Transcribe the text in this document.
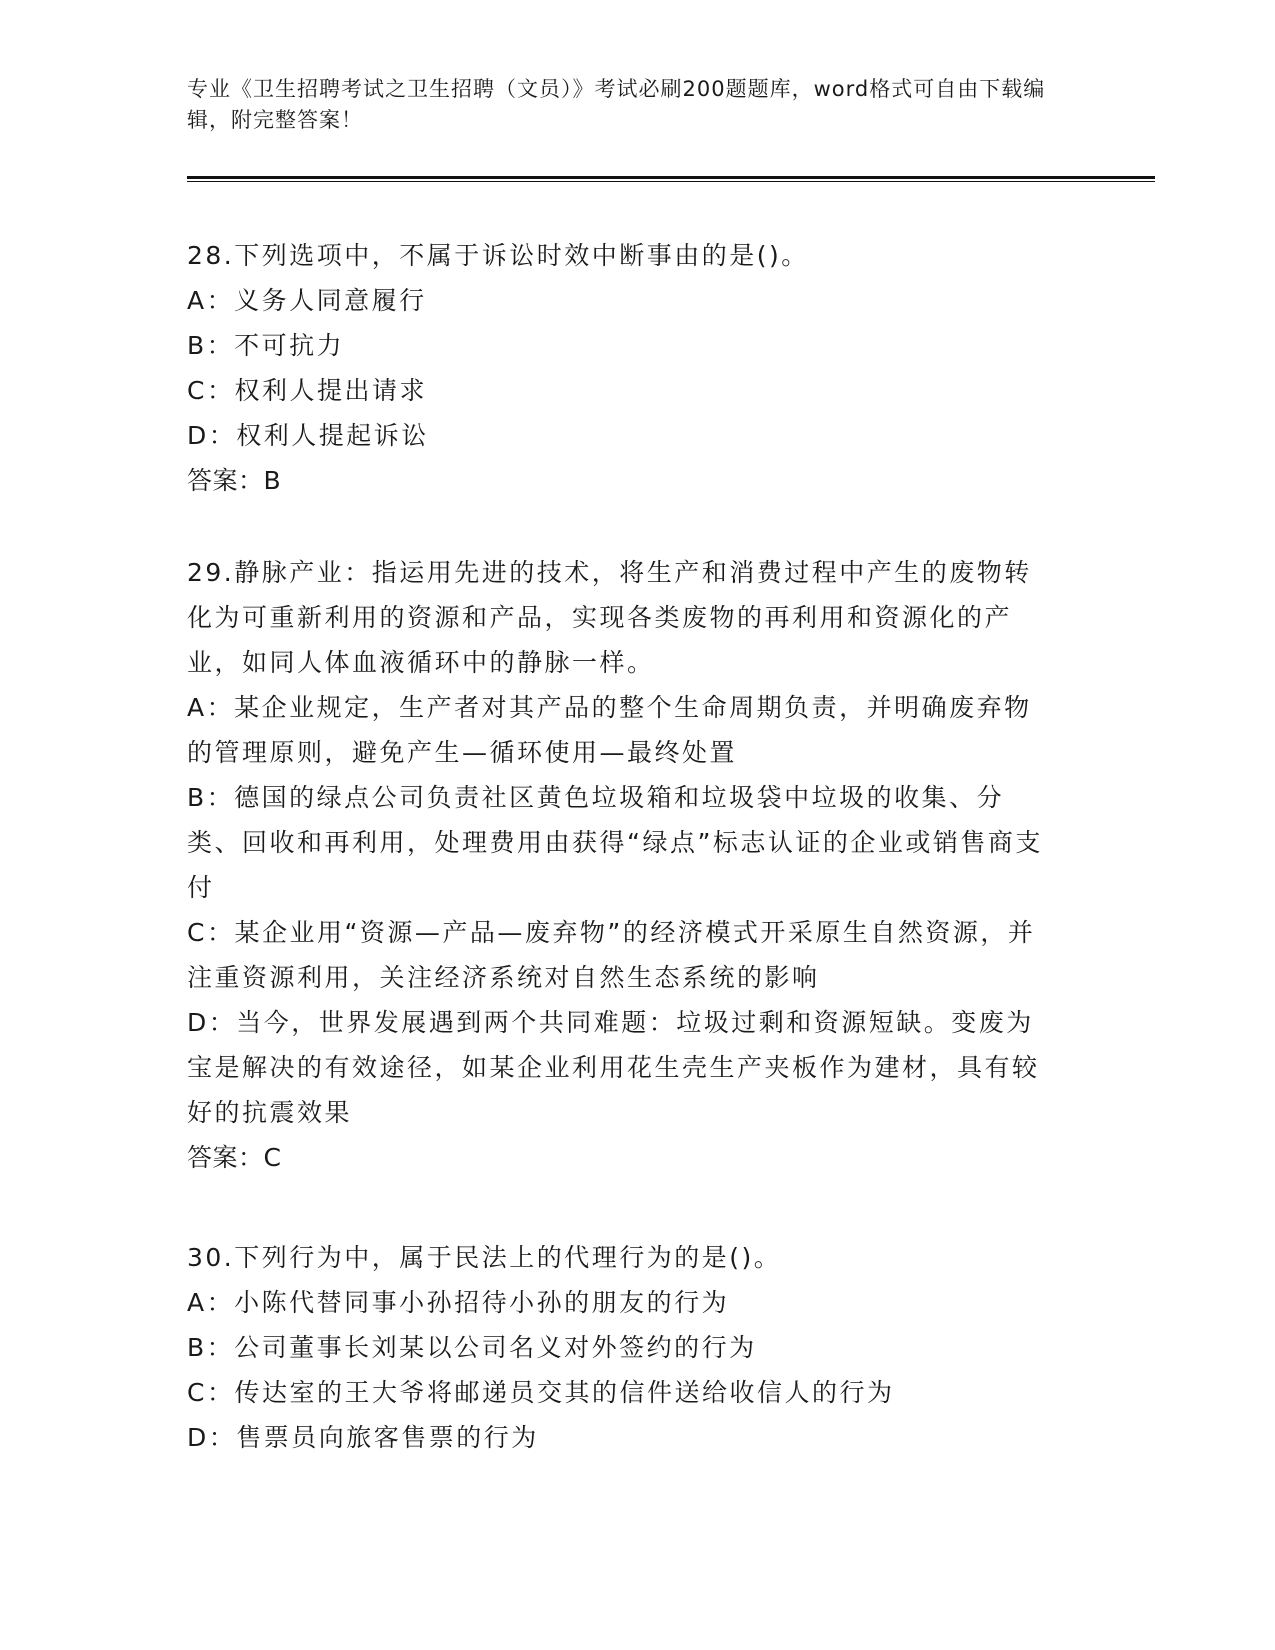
专业《卫生招聘考试之卫生招聘（文员）》考试必刷200题题库，word格式可自由下载编辑，附完整答案！
28.下列选项中，不属于诉讼时效中断事由的是()。
A：义务人同意履行
B：不可抗力
C：权利人提出请求
D：权利人提起诉讼
答案：B
29.静脉产业：指运用先进的技术，将生产和消费过程中产生的废物转化为可重新利用的资源和产品，实现各类废物的再利用和资源化的产业，如同人体血液循环中的静脉一样。
A：某企业规定，生产者对其产品的整个生命周期负责，并明确废弃物的管理原则，避免产生—循环使用—最终处置
B：德国的绿点公司负责社区黄色垃圾箱和垃圾袋中垃圾的收集、分类、回收和再利用，处理费用由获得“绿点”标志认证的企业或销售商支付
C：某企业用“资源—产品—废弃物”的经济模式开采原生自然资源，并注重资源利用，关注经济系统对自然生态系统的影响
D：当今，世界发展遇到两个共同难题：垃圾过剩和资源短缺。变废为宝是解决的有效途径，如某企业利用花生壳生产夹板作为建材，具有较好的抗震效果
答案：C
30.下列行为中，属于民法上的代理行为的是()。
A：小陈代替同事小孙招待小孙的朋友的行为
B：公司董事长刘某以公司名义对外签约的行为
C：传达室的王大爷将邮递员交其的信件送给收信人的行为
D：售票员向旅客售票的行为
